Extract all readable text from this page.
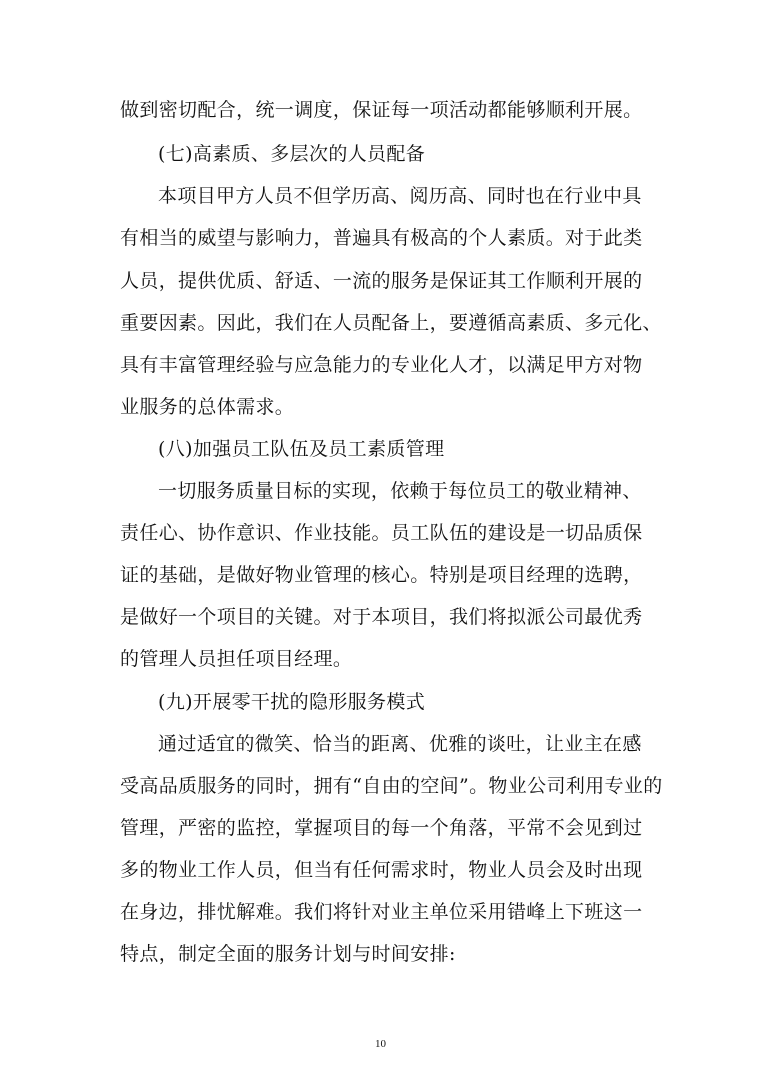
做到密切配合，统一调度，保证每一项活动都能够顺利开展。
(七)高素质、多层次的人员配备
本项目甲方人员不但学历高、阅历高、同时也在行业中具
有相当的威望与影响力，普遍具有极高的个人素质。对于此类
人员，提供优质、舒适、一流的服务是保证其工作顺利开展的
重要因素。因此，我们在人员配备上，要遵循高素质、多元化、
具有丰富管理经验与应急能力的专业化人才，以满足甲方对物
业服务的总体需求。
(八)加强员工队伍及员工素质管理
一切服务质量目标的实现，依赖于每位员工的敬业精神、
责任心、协作意识、作业技能。员工队伍的建设是一切品质保
证的基础，是做好物业管理的核心。特别是项目经理的选聘，
是做好一个项目的关键。对于本项目，我们将拟派公司最优秀
的管理人员担任项目经理。
(九)开展零干扰的隐形服务模式
通过适宜的微笑、恰当的距离、优雅的谈吐，让业主在感
受高品质服务的同时，拥有“自由的空间”。物业公司利用专业的
管理，严密的监控，掌握项目的每一个角落，平常不会见到过
多的物业工作人员，但当有任何需求时，物业人员会及时出现
在身边，排忧解难。我们将针对业主单位采用错峰上下班这一
特点，制定全面的服务计划与时间安排:
10
